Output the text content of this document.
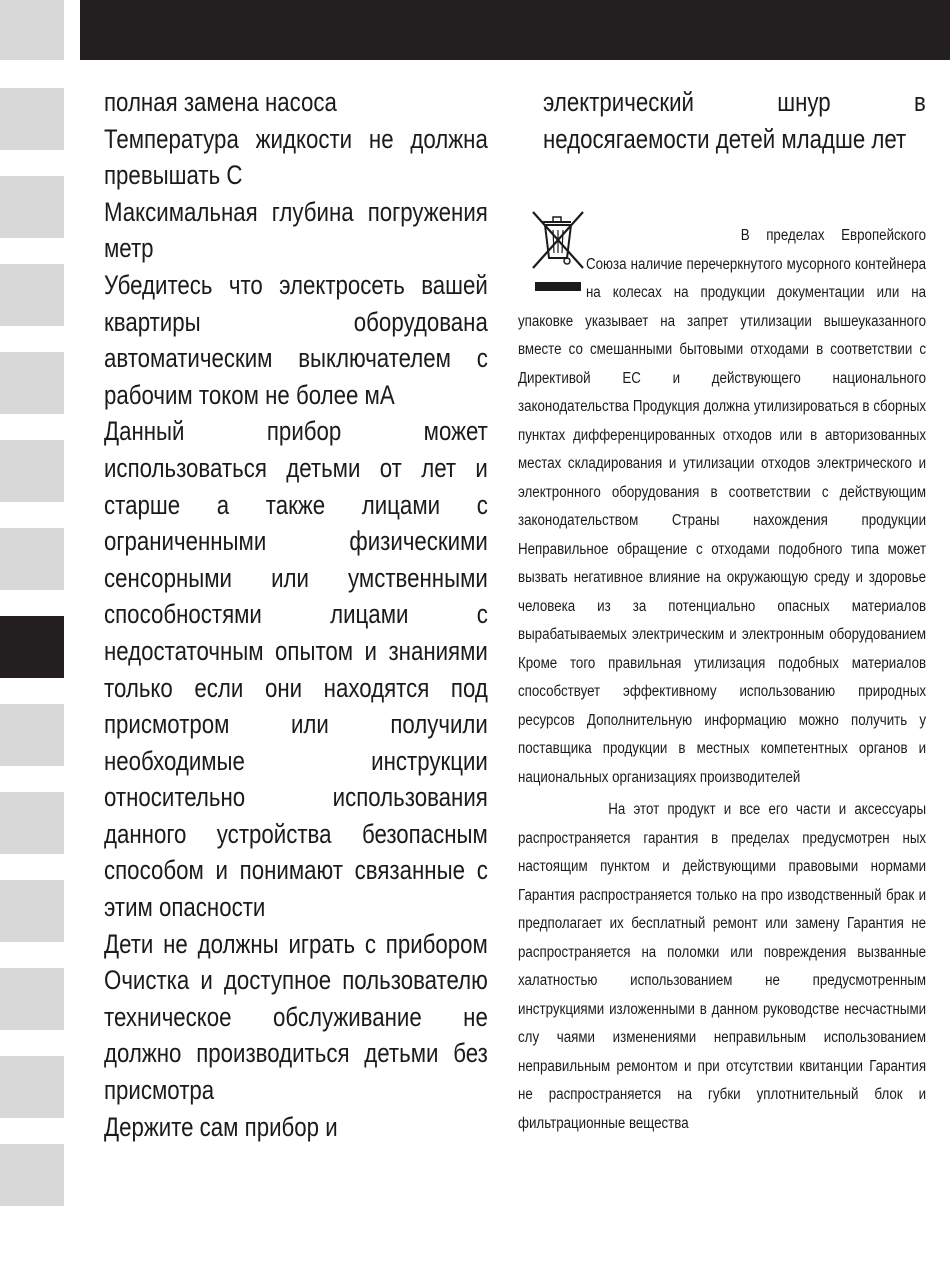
полная замена насоса

Температура жидкости не должна превышать С

Максимальная глубина погружения метр

Убедитесь что электросеть вашей квартиры оборудована автоматическим выключателем с рабочим током не более мА

Данный прибор может использоваться детьми от лет и старше а также лицами с ограниченными физическими сенсорными или умственными способностями лицами с недостаточным опытом и знаниями только если они находятся под присмотром или получили необходимые инструкции относительно использования данного устройства безопасным способом и понимают связанные с этим опасности

Дети не должны играть с прибором Очистка и доступное пользователю техническое обслуживание не должно производиться детьми без присмотра

Держите сам прибор и

электрический шнур в недосягаемости детей младше лет

В пределах Европейского Союза наличие перечеркнутого мусорного контейнера на колесах на продукции документации или на упаковке указывает на запрет утилизации вышеуказанного вместе со смешанными бытовыми отходами в соответствии с Директивой ЕС и действующего национального законодательства Продукция должна утилизироваться в сборных пунктах дифференцированных отходов или в авторизованных местах складирования и утилизации отходов электрического и электронного оборудования в соответствии с действующим законодательством Страны нахождения продукции Неправильное обращение с отходами подобного типа может вызвать негативное влияние на окружающую среду и здоровье человека из за потенциально опасных материалов вырабатываемых электрическим и электронным оборудованием Кроме того правильная утилизация подобных материалов способствует эффективному использованию природных ресурсов Дополнительную информацию можно получить у поставщика продукции в местных компетентных органов и национальных организациях производителей

На этот продукт и все его части и аксессуары распространяется гарантия в пределах предусмотрен ных настоящим пунктом и действующими правовыми нормами Гарантия распространяется только на про изводственный брак и предполагает их бесплатный ремонт или замену Гарантия не распространяется на поломки или повреждения вызванные халатностью использованием не предусмотренным инструкциями изложенными в данном руководстве несчастными слу чаями изменениями неправильным использованием неправильным ремонтом и при отсутствии квитанции Гарантия не распространяется на губки уплотнительный блок и фильтрационные вещества
